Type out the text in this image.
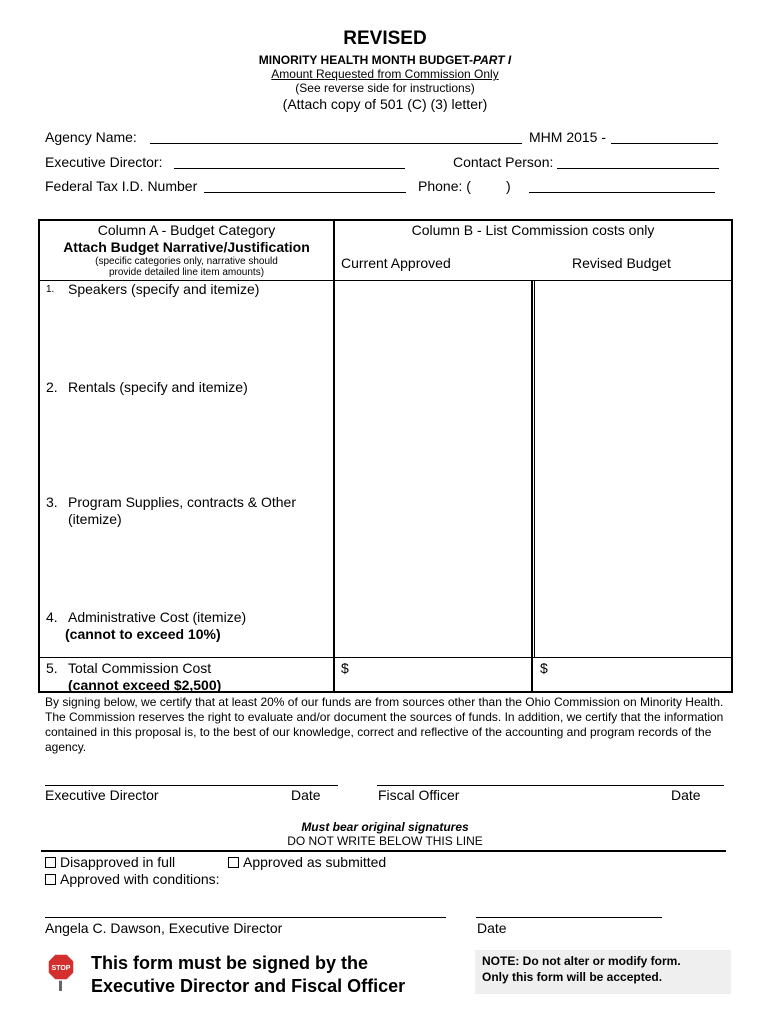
REVISED
MINORITY HEALTH MONTH BUDGET-PART I
Amount Requested from Commission Only
(See reverse side for instructions)
(Attach copy of 501 (C) (3) letter)
Agency Name:	MHM 2015 -
Executive Director:	Contact Person:
Federal Tax I.D. Number	Phone: (	)
Column A - Budget Category
Attach Budget Narrative/Justification
(specific categories only, narrative should
provide detailed line item amounts)
Column B - List Commission costs only
Current Approved	Revised Budget
1. Speakers (specify and itemize)
2. Rentals (specify and itemize)
3. Program Supplies, contracts & Other
(itemize)
4. Administrative Cost (itemize)
(cannot to exceed 10%)
5. Total Commission Cost
(cannot exceed $2,500)
$	$
By signing below, we certify that at least 20% of our funds are from sources other than the Ohio Commission on Minority Health. The Commission reserves the right to evaluate and/or document the sources of funds. In addition, we certify that the information contained in this proposal is, to the best of our knowledge, correct and reflective of the accounting and program records of the agency.
Executive Director	Date	Fiscal Officer	Date
Must bear original signatures
DO NOT WRITE BELOW THIS LINE
Disapproved in full	Approved as submitted
Approved with conditions:
Angela C. Dawson, Executive Director	Date
STOP This form must be signed by the
Executive Director and Fiscal Officer
NOTE: Do not alter or modify form.
Only this form will be accepted.
